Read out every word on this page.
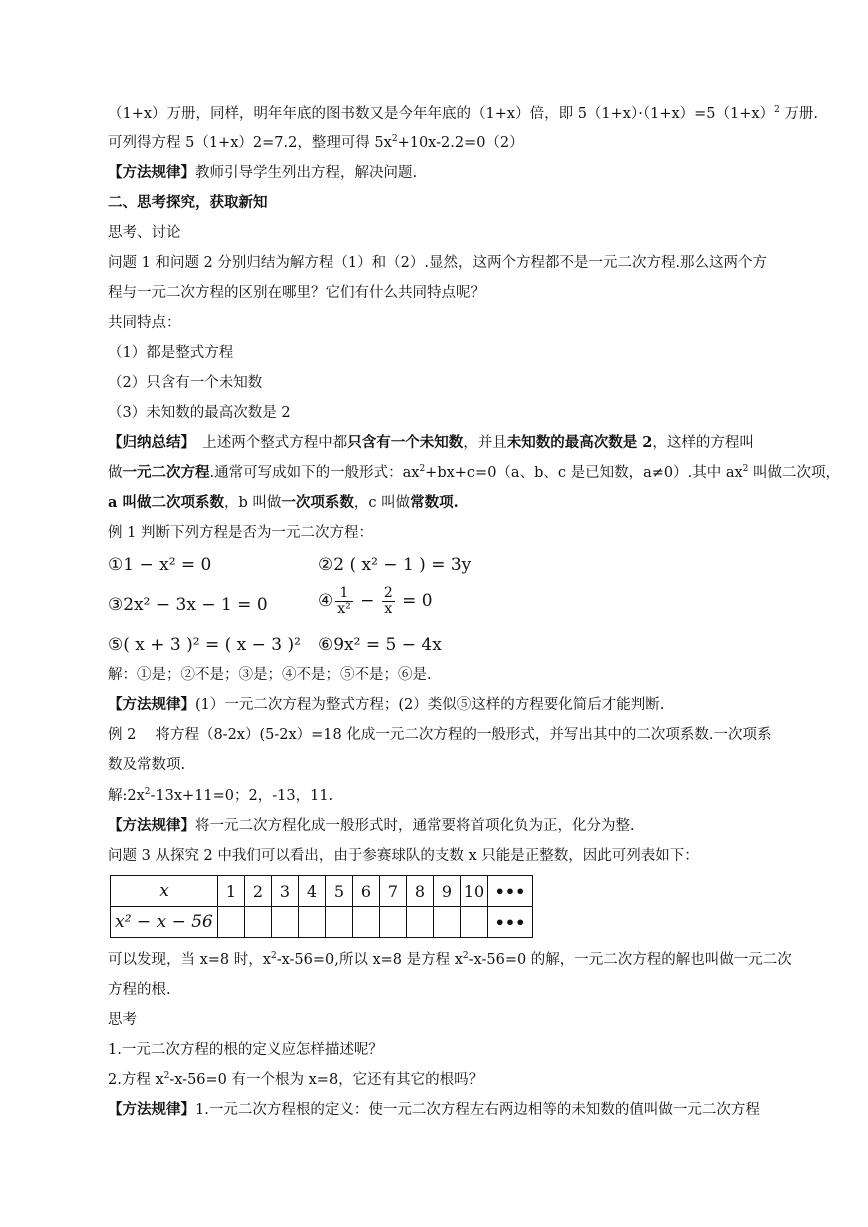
（1+x）万册，同样，明年年底的图书数又是今年年底的（1+x）倍，即 $5(1+x)\cdot(1+x)=5(1+x)^2$ 万册.
可列得方程 5（1+x）2=7.2，整理可得 $5x^2+10x-2.2=0(2)$
【方法规律】教师引导学生列出方程，解决问题.
二、思考探究，获取新知
思考、讨论
问题 1 和问题 2 分别归结为解方程（1）和（2）.显然，这两个方程都不是一元二次方程.那么这两个方
程与一元二次方程的区别在哪里？它们有什么共同特点呢？
共同特点：
（1）都是整式方程
（2）只含有一个未知数
（3）未知数的最高次数是 2
【归纳总结】　上述两个整式方程中都只含有一个未知数，并且未知数的最高次数是 2，这样的方程叫
做一元二次方程.通常可写成如下的一般形式：$ax^2+bx+c=0(a$、b、c 是已知数，a≠0）.其中 $ax^2$ 叫做二次项，
a 叫做二次项系数，b 叫做一次项系数，c 叫做常数项.
例 1 判断下列方程是否为一元二次方程：
①1 − x² = 0	②2 ( x² − 1 ) = 3y
③2x² − 3x − 1 = 0	④ $\frac{1}{\text{x²}} - \frac{2}{x} = 0$
⑤( x + 3 )² = ( x − 3 )² ⑥9x² = 5 − 4x
解：①是；②不是；③是；④不是；⑤不是；⑥是.
【方法规律】(1）一元二次方程为整式方程；(2）类似⑤这样的方程要化简后才能判断.
例 2　 将方程（8-2x）(5-2x）=18 化成一元二次方程的一般形式，并写出其中的二次项系数.一次项系
数及常数项.
解$:2x^2-13x+11=0$；2，-13，11.
【方法规律】将一元二次方程化成一般形式时，通常要将首项化负为正，化分为整.
问题 3 从探究 2 中我们可以看出，由于参赛球队的支数 x 只能是正整数，因此可列表如下：
x	1	2	3	4	5	6	7	8	9	10	•••
x² − x − 56											•••
可以发现，当 x=8 时，$x^2-x-56=0$,所以 x=8 是方程 $x^2-x-56=0$ 的解，一元二次方程的解也叫做一元二次
方程的根.
思考
1.一元二次方程的根的定义应怎样描述呢？
2.方程 $x^2-x-56=0$ 有一个根为 x=8，它还有其它的根吗？
【方法规律】1.一元二次方程根的定义：使一元二次方程左右两边相等的未知数的值叫做一元二次方程
